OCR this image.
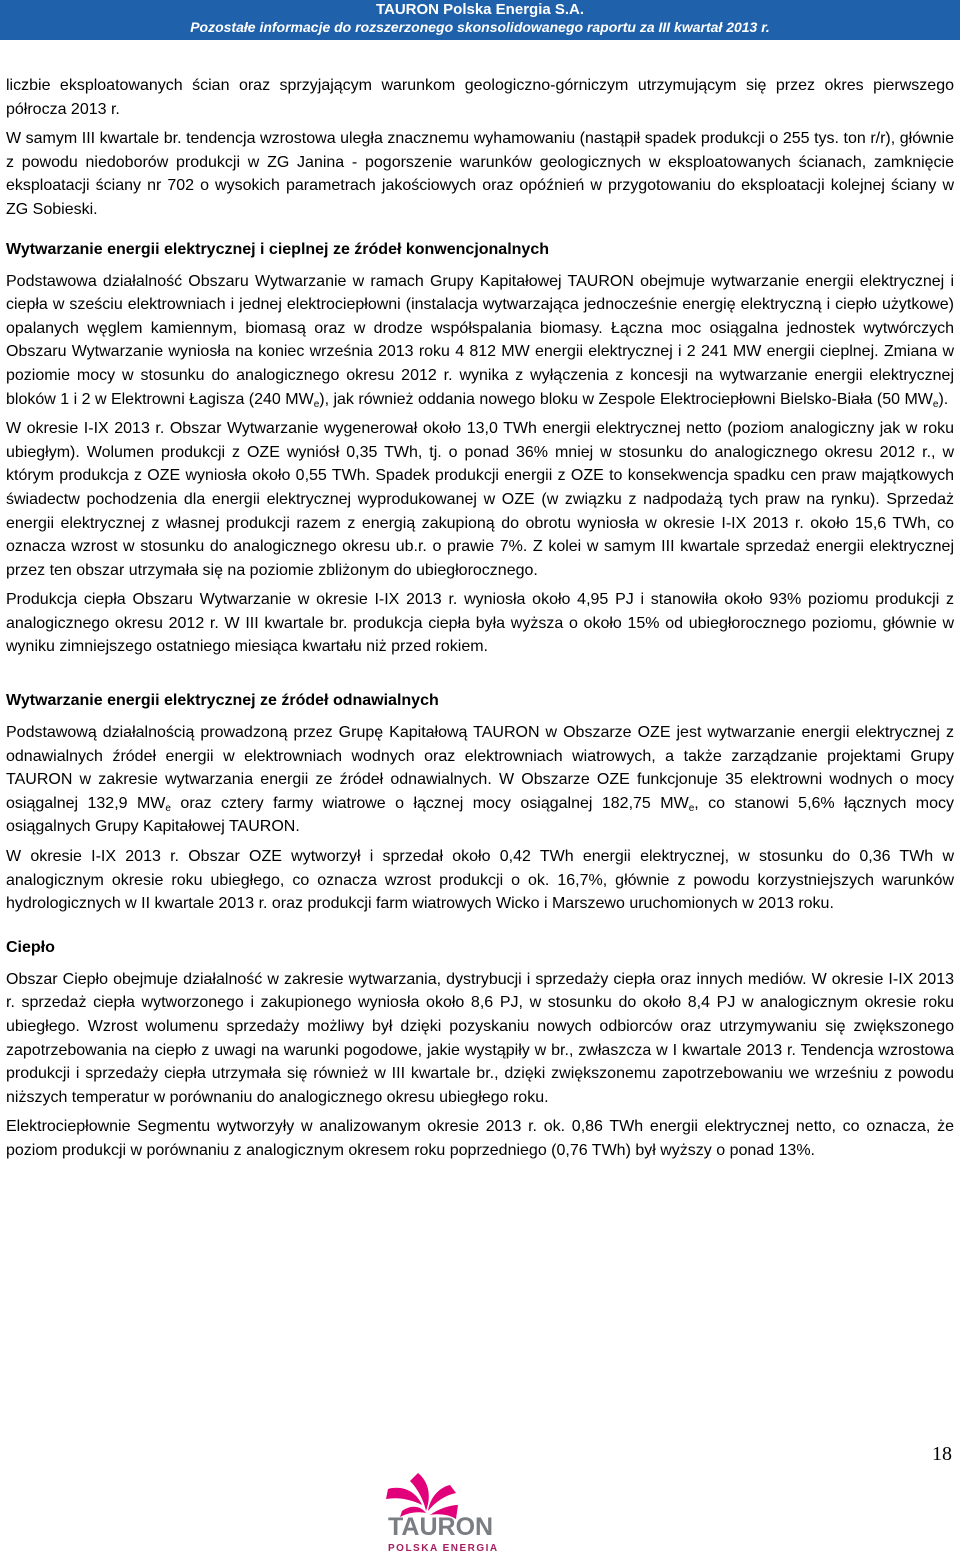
TAURON Polska Energia S.A.
Pozostałe informacje do rozszerzonego skonsolidowanego raportu za III kwartał 2013 r.

liczbie eksploatowanych ścian oraz sprzyjającym warunkom geologiczno-górniczym utrzymującym się przez okres pierwszego półrocza 2013 r.

W samym III kwartale br. tendencja wzrostowa uległa znacznemu wyhamowaniu (nastąpił spadek produkcji o 255 tys. ton r/r), głównie z powodu niedoborów produkcji w ZG Janina - pogorszenie warunków geologicznych w eksploatowanych ścianach, zamknięcie eksploatacji ściany nr 702 o wysokich parametrach jakościowych oraz opóźnień w przygotowaniu do eksploatacji kolejnej ściany w ZG Sobieski.

Wytwarzanie energii elektrycznej i cieplnej ze źródeł konwencjonalnych

Podstawowa działalność Obszaru Wytwarzanie w ramach Grupy Kapitałowej TAURON obejmuje wytwarzanie energii elektrycznej i ciepła w sześciu elektrowniach i jednej elektrociepłowni (instalacja wytwarzająca jednocześnie energię elektryczną i ciepło użytkowe) opalanych węglem kamiennym, biomasą oraz w drodze współspalania biomasy. Łączna moc osiągalna jednostek wytwórczych Obszaru Wytwarzanie wyniosła na koniec września 2013 roku 4 812 MW energii elektrycznej i 2 241 MW energii cieplnej. Zmiana w poziomie mocy w stosunku do analogicznego okresu 2012 r. wynika z wyłączenia z koncesji na wytwarzanie energii elektrycznej bloków 1 i 2 w Elektrowni Łagisza (240 $MW_e$), jak również oddania nowego bloku w Zespole Elektrociepłowni Bielsko-Biała (50 $MW_e$).

W okresie I-IX 2013 r. Obszar Wytwarzanie wygenerował około 13,0 TWh energii elektrycznej netto (poziom analogiczny jak w roku ubiegłym). Wolumen produkcji z OZE wyniósł 0,35 TWh, tj. o ponad 36% mniej w stosunku do analogicznego okresu 2012 r., w którym produkcja z OZE wyniosła około 0,55 TWh. Spadek produkcji energii z OZE to konsekwencja spadku cen praw majątkowych świadectw pochodzenia dla energii elektrycznej wyprodukowanej w OZE (w związku z nadpodażą tych praw na rynku). Sprzedaż energii elektrycznej z własnej produkcji razem z energią zakupioną do obrotu wyniosła w okresie I-IX 2013 r. około 15,6 TWh, co oznacza wzrost w stosunku do analogicznego okresu ub.r. o prawie 7%. Z kolei w samym III kwartale sprzedaż energii elektrycznej przez ten obszar utrzymała się na poziomie zbliżonym do ubiegłorocznego.

Produkcja ciepła Obszaru Wytwarzanie w okresie I-IX 2013 r. wyniosła około 4,95 PJ i stanowiła około 93% poziomu produkcji z analogicznego okresu 2012 r. W III kwartale br. produkcja ciepła była wyższa o około 15% od ubiegłorocznego poziomu, głównie w wyniku zimniejszego ostatniego miesiąca kwartału niż przed rokiem.

Wytwarzanie energii elektrycznej ze źródeł odnawialnych

Podstawową działalnością prowadzoną przez Grupę Kapitałową TAURON w Obszarze OZE jest wytwarzanie energii elektrycznej z odnawialnych źródeł energii w elektrowniach wodnych oraz elektrowniach wiatrowych, a także zarządzanie projektami Grupy TAURON w zakresie wytwarzania energii ze źródeł odnawialnych. W Obszarze OZE funkcjonuje 35 elektrowni wodnych o mocy osiągalnej 132,9 $MW_e$ oraz cztery farmy wiatrowe o łącznej mocy osiągalnej 182,75 $MW_e$, co stanowi 5,6% łącznych mocy osiągalnych Grupy Kapitałowej TAURON.

W okresie I-IX 2013 r. Obszar OZE wytworzył i sprzedał około 0,42 TWh energii elektrycznej, w stosunku do 0,36 TWh w analogicznym okresie roku ubiegłego, co oznacza wzrost produkcji o ok. 16,7%, głównie z powodu korzystniejszych warunków hydrologicznych w II kwartale 2013 r. oraz produkcji farm wiatrowych Wicko i Marszewo uruchomionych w 2013 roku.

Ciepło

Obszar Ciepło obejmuje działalność w zakresie wytwarzania, dystrybucji i sprzedaży ciepła oraz innych mediów. W okresie I-IX 2013 r. sprzedaż ciepła wytworzonego i zakupionego wyniosła około 8,6 PJ, w stosunku do około 8,4 PJ w analogicznym okresie roku ubiegłego. Wzrost wolumenu sprzedaży możliwy był dzięki pozyskaniu nowych odbiorców oraz utrzymywaniu się zwiększonego zapotrzebowania na ciepło z uwagi na warunki pogodowe, jakie wystąpiły w br., zwłaszcza w I kwartale 2013 r. Tendencja wzrostowa produkcji i sprzedaży ciepła utrzymała się również w III kwartale br., dzięki zwiększonemu zapotrzebowaniu we wrześniu z powodu niższych temperatur w porównaniu do analogicznego okresu ubiegłego roku.

Elektrociepłownie Segmentu wytworzyły w analizowanym okresie 2013 r. ok. 0,86 TWh energii elektrycznej netto, co oznacza, że poziom produkcji w porównaniu z analogicznym okresem roku poprzedniego (0,76 TWh) był wyższy o ponad 13%.

18
TAURON
POLSKA ENERGIA
